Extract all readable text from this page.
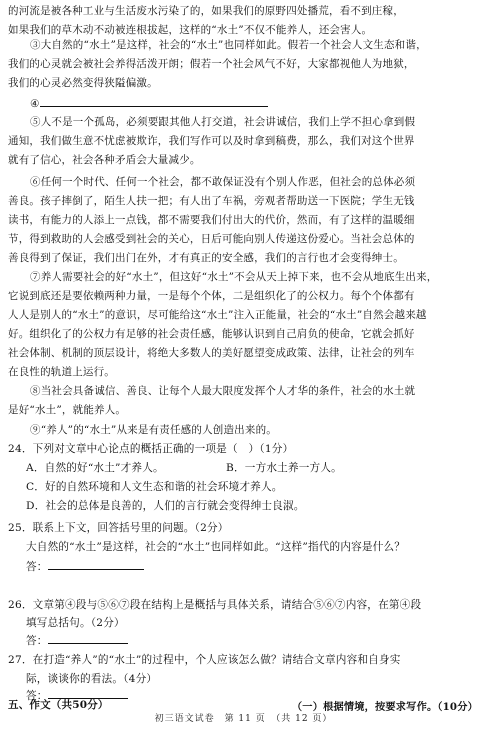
的河流是被各种工业与生活废水污染了的，如果我们的原野四处播荒，看不到庄稼，
如果我们的草木动不动被连根拔起，这样的“水土”不仅不能养人，还会害人。
③大自然的“水土”是这样，社会的“水土”也同样如此。假若一个社会人文生态和谐，
我们的心灵就会被社会养得活泼开朗；假若一个社会风气不好，大家都视他人为地狱，
我们的心灵必然变得狭隘偏激。
④
⑤人不是一个孤岛，必须要跟其他人打交道，社会讲诚信，我们上学不担心拿到假
通知，我们做生意不忧虑被欺诈，我们写作可以及时拿到稿费，那么，我们对这个世界
就有了信心，社会各种矛盾会大量减少。
⑥任何一个时代、任何一个社会，都不敢保证没有个别人作恶，但社会的总体必须
善良。孩子摔倒了，陌生人扶一把；有人出了车祸，旁观者帮助送一下医院；学生无钱
读书，有能力的人添上一点钱，都不需要我们付出大的代价，然而，有了这样的温暖细
节，得到救助的人会感受到社会的关心，日后可能向别人传递这份爱心。当社会总体的
善良得到了保证，我们出门在外，才有真正的安全感，我们的言行也才会变得绅士。
⑦养人需要社会的好“水土”，但这好“水土”不会从天上掉下来，也不会从地底生出来，
它说到底还是要依赖两种力量，一是每个个体，二是组织化了的公权力。每个个体都有
人人是别人的“水土”的意识，尽可能给这“水土”注入正能量，社会的“水土”自然会越来越
好。组织化了的公权力有足够的社会责任感，能够认识到自己肩负的使命，它就会抓好
社会体制、机制的顶层设计，将绝大多数人的美好愿望变成政策、法律，让社会的列车
在良性的轨道上运行。
⑧当社会具备诚信、善良、让每个人最大限度发挥个人才华的条件，社会的水土就
是好“水土”，就能养人。
⑨“养人”的“水土”从来是有责任感的人创造出来的。
24．下列对文章中心论点的概括正确的一项是（　）（1分）
A．自然的好“水土”才养人。	B．一方水土养一方人。
C．好的自然环境和人文生态和谐的社会环境才养人。
D．社会的总体是良善的，人们的言行就会变得绅士良淑。
25．联系上下文，回答括号里的问题。（2分）
大自然的“水土”是这样，社会的“水土”也同样如此。“这样”指代的内容是什么？
答：
26．文章第④段与⑤⑥⑦段在结构上是概括与具体关系，请结合⑤⑥⑦内容，在第④段
填写总括句。（2分）
答：
初三语文试卷　第 11 页　（共 12 页）
27．在打造“养人”的“水土”的过程中，个人应该怎么做？请结合文章内容和自身实
际，谈谈你的看法。（4分）
答：
五、作文（共50分）	（一）根据情境，按要求写作。（10分）
